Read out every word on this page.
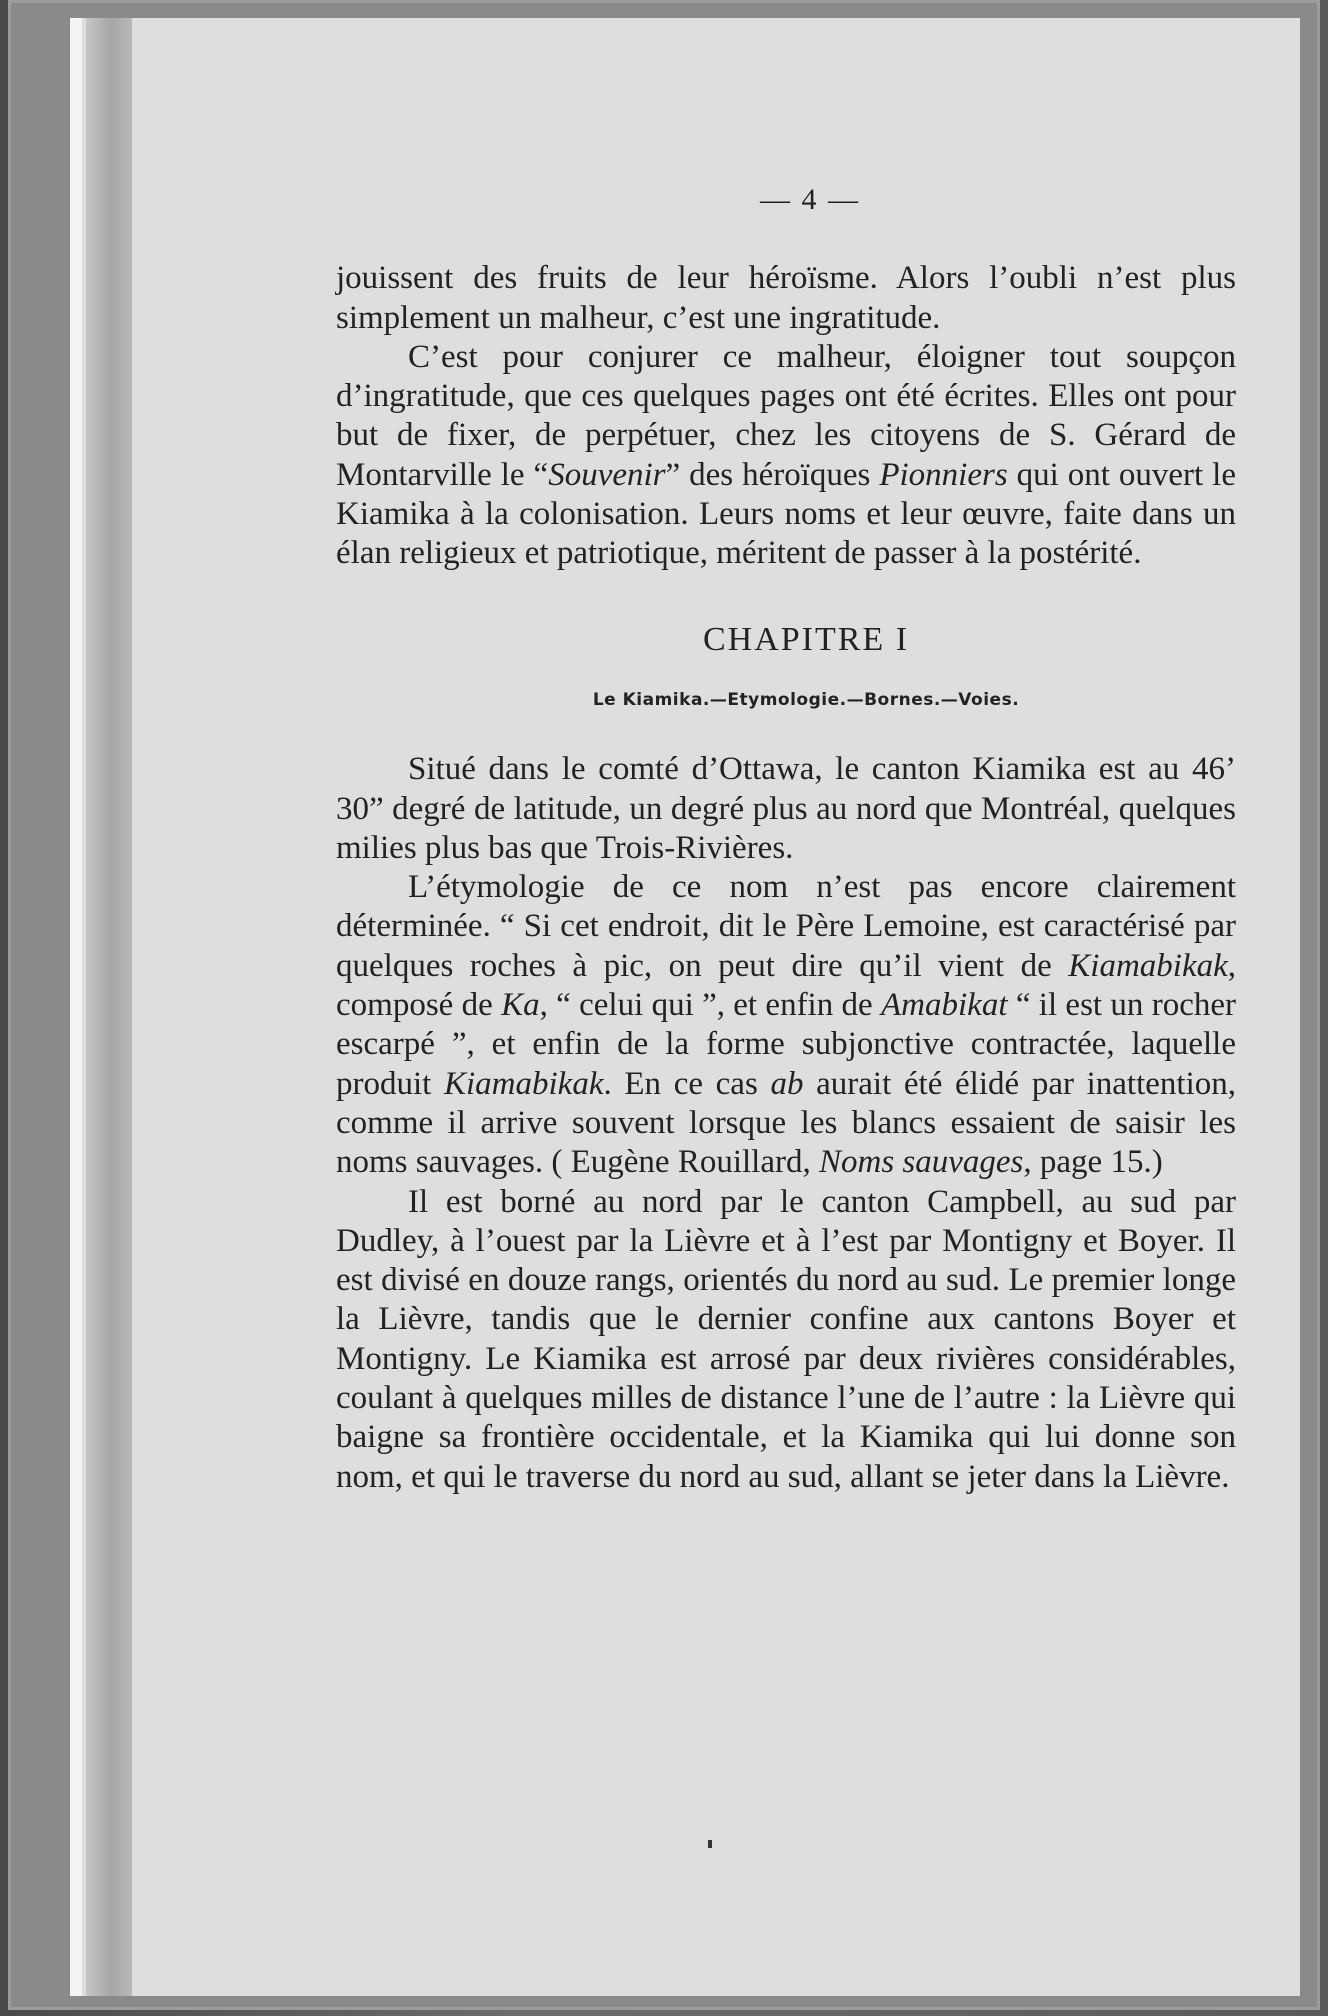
— 4 —

jouissent des fruits de leur héroïsme. Alors l’oubli n’est plus simplement un malheur, c’est une ingratitude.

C’est pour conjurer ce malheur, éloigner tout soupçon d’ingratitude, que ces quelques pages ont été écrites. Elles ont pour but de fixer, de perpétuer, chez les citoyens de S. Gérard de Montarville le “Souvenir” des héroïques Pionniers qui ont ouvert le Kiamika à la colonisation. Leurs noms et leur œuvre, faite dans un élan religieux et patriotique, méritent de passer à la postérité.

CHAPITRE I
Le Kiamika.—Etymologie.—Bornes.—Voies.

Situé dans le comté d’Ottawa, le canton Kiamika est au 46’ 30” degré de latitude, un degré plus au nord que Montréal, quelques milies plus bas que Trois-Rivières.

L’étymologie de ce nom n’est pas encore clairement déterminée. “ Si cet endroit, dit le Père Lemoine, est caractérisé par quelques roches à pic, on peut dire qu’il vient de Kiamabikak, composé de Ka, “ celui qui ”, et enfin de Amabikat “ il est un rocher escarpé ”, et enfin de la forme subjonctive contractée, laquelle produit Kiamabikak. En ce cas ab aurait été élidé par inattention, comme il arrive souvent lorsque les blancs essaient de saisir les noms sauvages. ( Eugène Rouillard, Noms sauvages, page 15.)

Il est borné au nord par le canton Campbell, au sud par Dudley, à l’ouest par la Lièvre et à l’est par Montigny et Boyer. Il est divisé en douze rangs, orientés du nord au sud. Le premier longe la Lièvre, tandis que le dernier confine aux cantons Boyer et Montigny. Le Kiamika est arrosé par deux rivières considérables, coulant à quelques milles de distance l’une de l’autre : la Lièvre qui baigne sa frontière occidentale, et la Kiamika qui lui donne son nom, et qui le traverse du nord au sud, allant se jeter dans la Lièvre.
